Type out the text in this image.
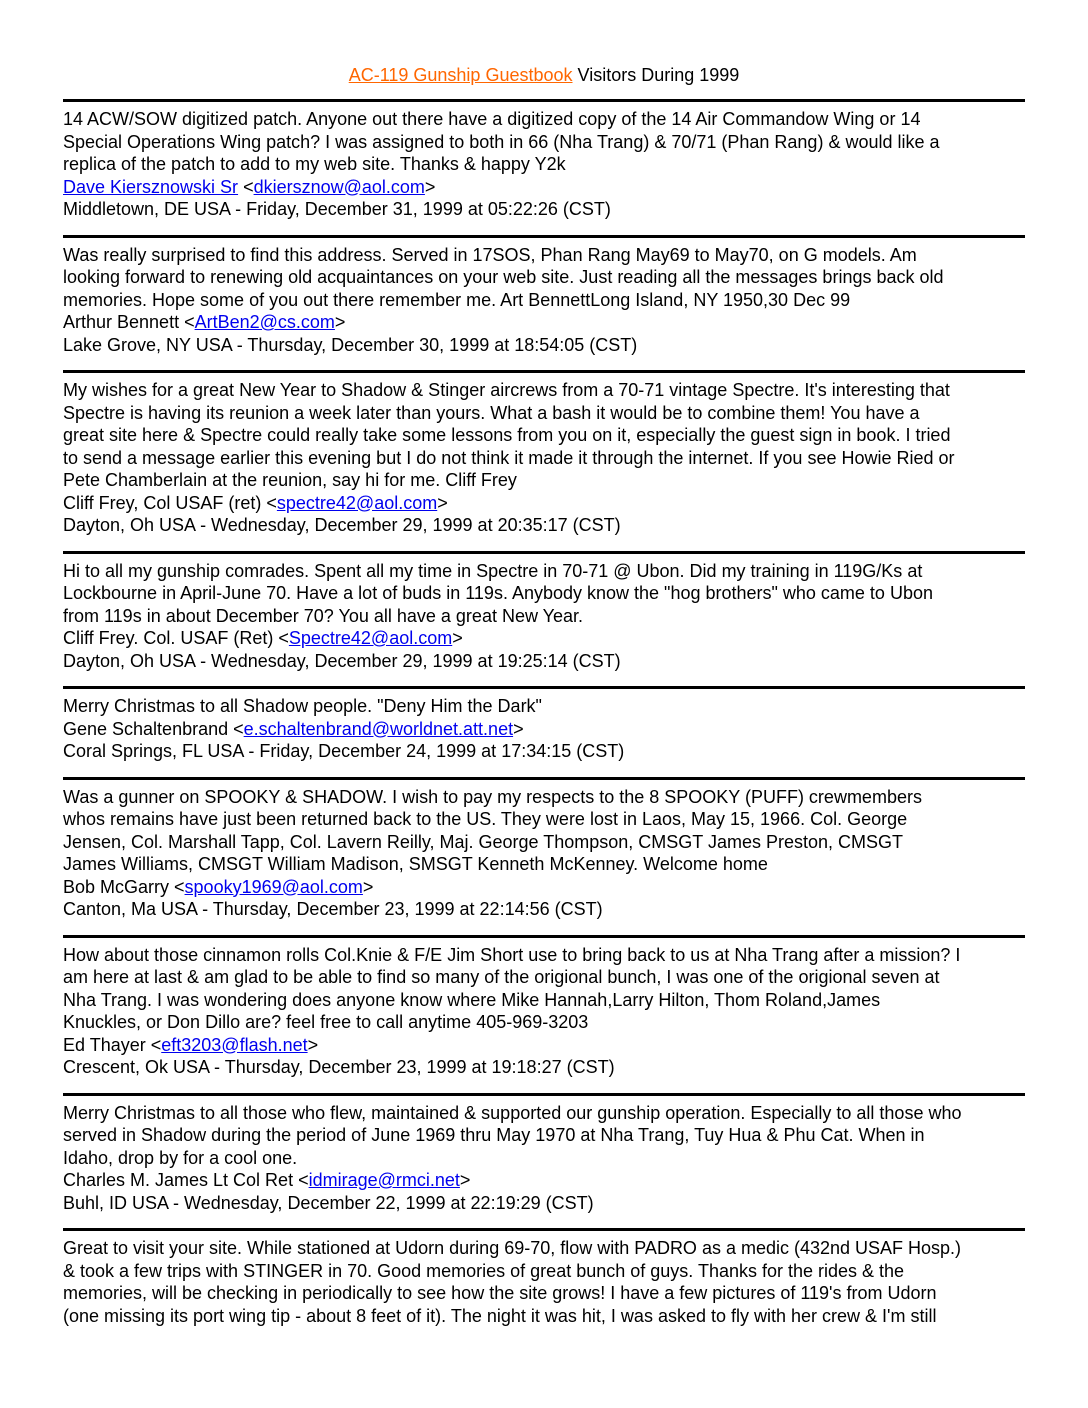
AC-119 Gunship Guestbook Visitors During 1999
14 ACW/SOW digitized patch. Anyone out there have a digitized copy of the 14 Air Commandow Wing or 14
Special Operations Wing patch? I was assigned to both in 66 (Nha Trang) & 70/71 (Phan Rang) & would like a
replica of the patch to add to my web site. Thanks & happy Y2k
Dave Kiersznowski Sr <dkiersznow@aol.com>
Middletown, DE USA - Friday, December 31, 1999 at 05:22:26 (CST)
Was really surprised to find this address. Served in 17SOS, Phan Rang May69 to May70, on G models. Am
looking forward to renewing old acquaintances on your web site. Just reading all the messages brings back old
memories. Hope some of you out there remember me. Art BennettLong Island, NY 1950,30 Dec 99
Arthur Bennett <ArtBen2@cs.com>
Lake Grove, NY USA - Thursday, December 30, 1999 at 18:54:05 (CST)
My wishes for a great New Year to Shadow & Stinger aircrews from a 70-71 vintage Spectre. It's interesting that
Spectre is having its reunion a week later than yours. What a bash it would be to combine them! You have a
great site here & Spectre could really take some lessons from you on it, especially the guest sign in book. I tried
to send a message earlier this evening but I do not think it made it through the internet. If you see Howie Ried or
Pete Chamberlain at the reunion, say hi for me. Cliff Frey
Cliff Frey, Col USAF (ret) <spectre42@aol.com>
Dayton, Oh USA - Wednesday, December 29, 1999 at 20:35:17 (CST)
Hi to all my gunship comrades. Spent all my time in Spectre in 70-71 @ Ubon. Did my training in 119G/Ks at
Lockbourne in April-June 70. Have a lot of buds in 119s. Anybody know the "hog brothers" who came to Ubon
from 119s in about December 70? You all have a great New Year.
Cliff Frey. Col. USAF (Ret) <Spectre42@aol.com>
Dayton, Oh USA - Wednesday, December 29, 1999 at 19:25:14 (CST)
Merry Christmas to all Shadow people. "Deny Him the Dark"
Gene Schaltenbrand <e.schaltenbrand@worldnet.att.net>
Coral Springs, FL USA - Friday, December 24, 1999 at 17:34:15 (CST)
Was a gunner on SPOOKY & SHADOW. I wish to pay my respects to the 8 SPOOKY (PUFF) crewmembers
whos remains have just been returned back to the US. They were lost in Laos, May 15, 1966. Col. George
Jensen, Col. Marshall Tapp, Col. Lavern Reilly, Maj. George Thompson, CMSGT James Preston, CMSGT
James Williams, CMSGT William Madison, SMSGT Kenneth McKenney. Welcome home
Bob McGarry <spooky1969@aol.com>
Canton, Ma USA - Thursday, December 23, 1999 at 22:14:56 (CST)
How about those cinnamon rolls Col.Knie & F/E Jim Short use to bring back to us at Nha Trang after a mission? I
am here at last & am glad to be able to find so many of the origional bunch, I was one of the origional seven at
Nha Trang. I was wondering does anyone know where Mike Hannah,Larry Hilton, Thom Roland,James
Knuckles, or Don Dillo are? feel free to call anytime 405-969-3203
Ed Thayer <eft3203@flash.net>
Crescent, Ok USA - Thursday, December 23, 1999 at 19:18:27 (CST)
Merry Christmas to all those who flew, maintained & supported our gunship operation. Especially to all those who
served in Shadow during the period of June 1969 thru May 1970 at Nha Trang, Tuy Hua & Phu Cat. When in
Idaho, drop by for a cool one.
Charles M. James Lt Col Ret <idmirage@rmci.net>
Buhl, ID USA - Wednesday, December 22, 1999 at 22:19:29 (CST)
Great to visit your site. While stationed at Udorn during 69-70, flow with PADRO as a medic (432nd USAF Hosp.)
& took a few trips with STINGER in 70. Good memories of great bunch of guys. Thanks for the rides & the
memories, will be checking in periodically to see how the site grows! I have a few pictures of 119's from Udorn
(one missing its port wing tip - about 8 feet of it). The night it was hit, I was asked to fly with her crew & I'm still
